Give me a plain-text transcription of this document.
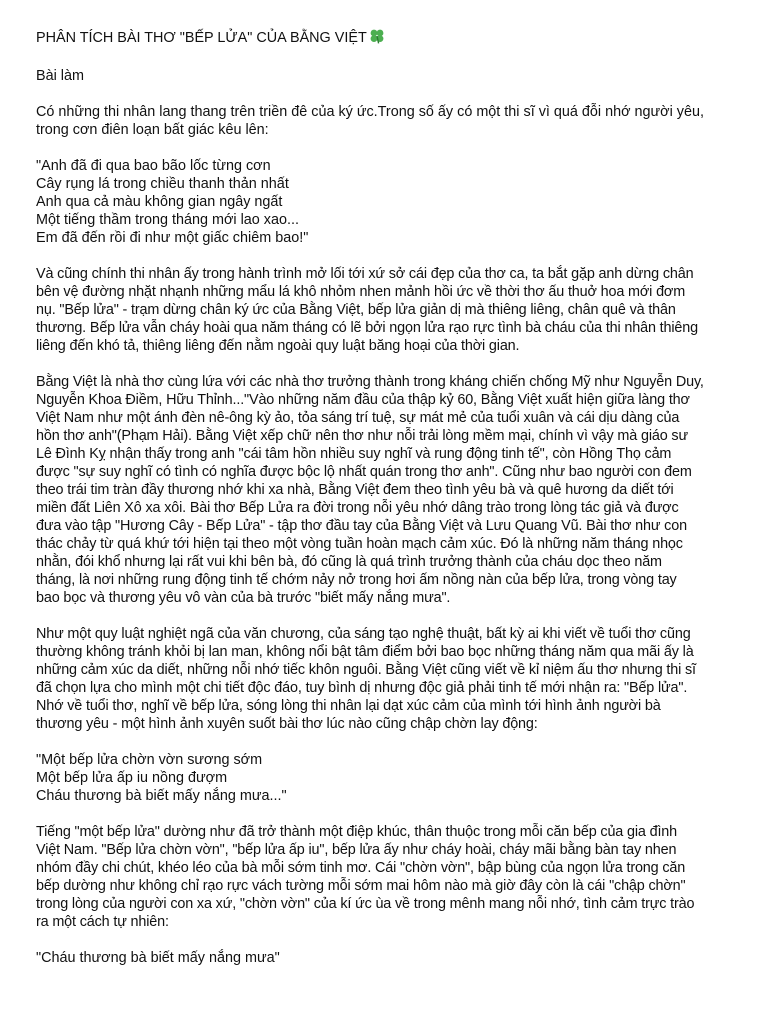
PHÂN TÍCH BÀI THƠ "BẾP LỬA" CỦA BẰNG VIỆT

Bài làm

Có những thi nhân lang thang trên triền đê của ký ức.Trong số ấy có một thi sĩ vì quá đỗi nhớ người yêu,
trong cơn điên loạn bất giác kêu lên:

"Anh đã đi qua bao bão lốc từng cơn
Cây rụng lá trong chiều thanh thản nhất
Anh qua cả màu không gian ngây ngất
Một tiếng thầm trong tháng mới lao xao...
Em đã đến rồi đi như một giấc chiêm bao!"

Và cũng chính thi nhân ấy trong hành trình mở lối tới xứ sở cái đẹp của thơ ca, ta bắt gặp anh dừng chân
bên vệ đường nhặt nhạnh những mẩu lá khô nhỏm nhen mảnh hồi ức về thời thơ ấu thuở hoa mới đơm
nụ. "Bếp lửa" - trạm dừng chân ký ức của Bằng Việt, bếp lửa giản dị mà thiêng liêng, chân quê và thân
thương. Bếp lửa vẫn cháy hoài qua năm tháng có lẽ bởi ngọn lửa rạo rực tình bà cháu của thi nhân thiêng
liêng đến khó tả, thiêng liêng đến nằm ngoài quy luật băng hoại của thời gian.

Bằng Việt là nhà thơ cùng lứa với các nhà thơ trưởng thành trong kháng chiến chống Mỹ như Nguyễn Duy,
Nguyễn Khoa Điềm, Hữu Thỉnh..."Vào những năm đầu của thập kỷ 60, Bằng Việt xuất hiện giữa làng thơ
Việt Nam như một ánh đèn nê-ông kỳ ảo, tỏa sáng trí tuệ, sự mát mẻ của tuổi xuân và cái dịu dàng của
hồn thơ anh"(Phạm Hải). Bằng Việt xếp chữ nên thơ như nỗi trải lòng mềm mại, chính vì vậy mà giáo sư
Lê Đình Kỵ nhận thấy trong anh "cái tâm hồn nhiều suy nghĩ và rung động tinh tế", còn Hồng Thọ cảm
được "sự suy nghĩ có tình có nghĩa được bộc lộ nhất quán trong thơ anh". Cũng như bao người con đem
theo trái tim tràn đầy thương nhớ khi xa nhà, Bằng Việt đem theo tình yêu bà và quê hương da diết tới
miền đất Liên Xô xa xôi. Bài thơ Bếp Lửa ra đời trong nỗi yêu nhớ dâng trào trong lòng tác giả và được
đưa vào tập "Hương Cây - Bếp Lửa" - tập thơ đầu tay của Bằng Việt và Lưu Quang Vũ. Bài thơ như con
thác chảy từ quá khứ tới hiện tại theo một vòng tuần hoàn mạch cảm xúc. Đó là những năm tháng nhọc
nhằn, đói khổ nhưng lại rất vui khi bên bà, đó cũng là quá trình trưởng thành của cháu dọc theo năm
tháng, là nơi những rung động tinh tế chớm nảy nở trong hơi ấm nồng nàn của bếp lửa, trong vòng tay
bao bọc và thương yêu vô vàn của bà trước "biết mấy nắng mưa".

Như một quy luật nghiệt ngã của văn chương, của sáng tạo nghệ thuật, bất kỳ ai khi viết về tuổi thơ cũng
thường không tránh khỏi bị lan man, không nổi bật tâm điểm bởi bao bọc những tháng năm qua mãi ấy là
những cảm xúc da diết, những nỗi nhớ tiếc khôn nguôi. Bằng Việt cũng viết về kỉ niệm ấu thơ nhưng thi sĩ
đã chọn lựa cho mình một chi tiết độc đáo, tuy bình dị nhưng độc giả phải tinh tế mới nhận ra: "Bếp lửa".
Nhớ về tuổi thơ, nghĩ về bếp lửa, sóng lòng thi nhân lại dạt xúc cảm của mình tới hình ảnh người bà
thương yêu - một hình ảnh xuyên suốt bài thơ lúc nào cũng chập chờn lay động:

"Một bếp lửa chờn vờn sương sớm
Một bếp lửa ấp iu nồng đượm
Cháu thương bà biết mấy nắng mưa..."

Tiếng "một bếp lửa" dường như đã trở thành một điệp khúc, thân thuộc trong mỗi căn bếp của gia đình
Việt Nam. "Bếp lửa chờn vờn", "bếp lửa ấp iu", bếp lửa ấy như cháy hoài, cháy mãi bằng bàn tay nhen
nhóm đầy chi chút, khéo léo của bà mỗi sớm tinh mơ. Cái "chờn vờn", bập bùng của ngọn lửa trong căn
bếp dường như không chỉ rạo rực vách tường mỗi sớm mai hôm nào mà giờ đây còn là cái "chập chờn"
trong lòng của người con xa xứ, "chờn vờn" của kí ức ùa về trong mênh mang nỗi nhớ, tình cảm trực trào
ra một cách tự nhiên:

"Cháu thương bà biết mấy nắng mưa"
